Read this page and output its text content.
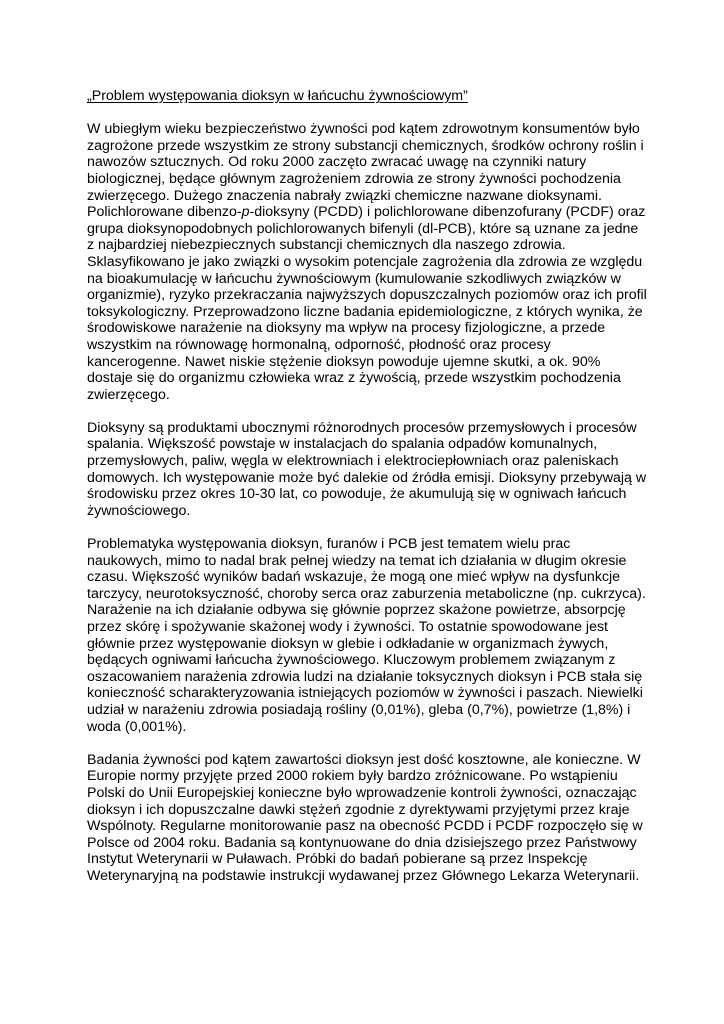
„Problem występowania dioksyn w łańcuchu żywnościowym”

W ubiegłym wieku bezpieczeństwo żywności pod kątem zdrowotnym konsumentów było zagrożone przede wszystkim ze strony substancji chemicznych, środków ochrony roślin i nawozów sztucznych. Od roku 2000 zaczęto zwracać uwagę na czynniki natury biologicznej, będące głównym zagrożeniem zdrowia ze strony żywności pochodzenia zwierzęcego. Dużego znaczenia nabrały związki chemiczne nazwane dioksynami. Polichlorowane dibenzo-p-dioksyny (PCDD) i polichlorowane dibenzofurany (PCDF) oraz grupa dioksynopodobnych polichlorowanych bifenyli (dl-PCB), które są uznane za jedne z najbardziej niebezpiecznych substancji chemicznych dla naszego zdrowia. Sklasyfikowano je jako związki o wysokim potencjale zagrożenia dla zdrowia ze względu na bioakumulację w łańcuchu żywnościowym (kumulowanie szkodliwych związków w organizmie), ryzyko przekraczania najwyższych dopuszczalnych poziomów oraz ich profil toksykologiczny. Przeprowadzono liczne badania epidemiologiczne, z których wynika, że środowiskowe narażenie na dioksyny ma wpływ na procesy fizjologiczne, a przede wszystkim na równowagę hormonalną, odporność, płodność oraz procesy kancerogenne. Nawet niskie stężenie dioksyn powoduje ujemne skutki, a ok. 90% dostaje się do organizmu człowieka wraz z żywością, przede wszystkim pochodzenia zwierzęcego.

Dioksyny są produktami ubocznymi różnorodnych procesów przemysłowych i procesów spalania. Większość powstaje w instalacjach do spalania odpadów komunalnych, przemysłowych, paliw, węgla w elektrowniach i elektrociepłowniach oraz paleniskach domowych. Ich występowanie może być dalekie od źródła emisji. Dioksyny przebywają w środowisku przez okres 10-30 lat, co powoduje, że akumulują się w ogniwach łańcuch żywnościowego.

Problematyka występowania dioksyn, furanów i PCB jest tematem wielu prac naukowych, mimo to nadal brak pełnej wiedzy na temat ich działania w długim okresie czasu. Większość wyników badań wskazuje, że mogą one mieć wpływ na dysfunkcje tarczycy, neurotoksyczność, choroby serca oraz zaburzenia metaboliczne (np. cukrzyca). Narażenie na ich działanie odbywa się głównie poprzez skażone powietrze, absorpcję przez skórę i spożywanie skażonej wody i żywności. To ostatnie spowodowane jest głównie przez występowanie dioksyn w glebie i odkładanie w organizmach żywych, będących ogniwami łańcucha żywnościowego. Kluczowym problemem związanym z oszacowaniem narażenia zdrowia ludzi na działanie toksycznych dioksyn i PCB stała się konieczność scharakteryzowania istniejących poziomów w żywności i paszach. Niewielki udział w narażeniu zdrowia posiadają rośliny (0,01%), gleba (0,7%), powietrze (1,8%) i woda (0,001%).

Badania żywności pod kątem zawartości dioksyn jest dość kosztowne, ale konieczne. W Europie normy przyjęte przed 2000 rokiem były bardzo zróżnicowane. Po wstąpieniu Polski do Unii Europejskiej konieczne było wprowadzenie kontroli żywności, oznaczając dioksyn i ich dopuszczalne dawki stężeń zgodnie z dyrektywami przyjętymi przez kraje Wspólnoty. Regularne monitorowanie pasz na obecność PCDD i PCDF rozpoczęło się w Polsce od 2004 roku. Badania są kontynuowane do dnia dzisiejszego przez Państwowy Instytut Weterynarii w Puławach. Próbki do badań pobierane są przez Inspekcję Weterynaryjną na podstawie instrukcji wydawanej przez Głównego Lekarza Weterynarii.
